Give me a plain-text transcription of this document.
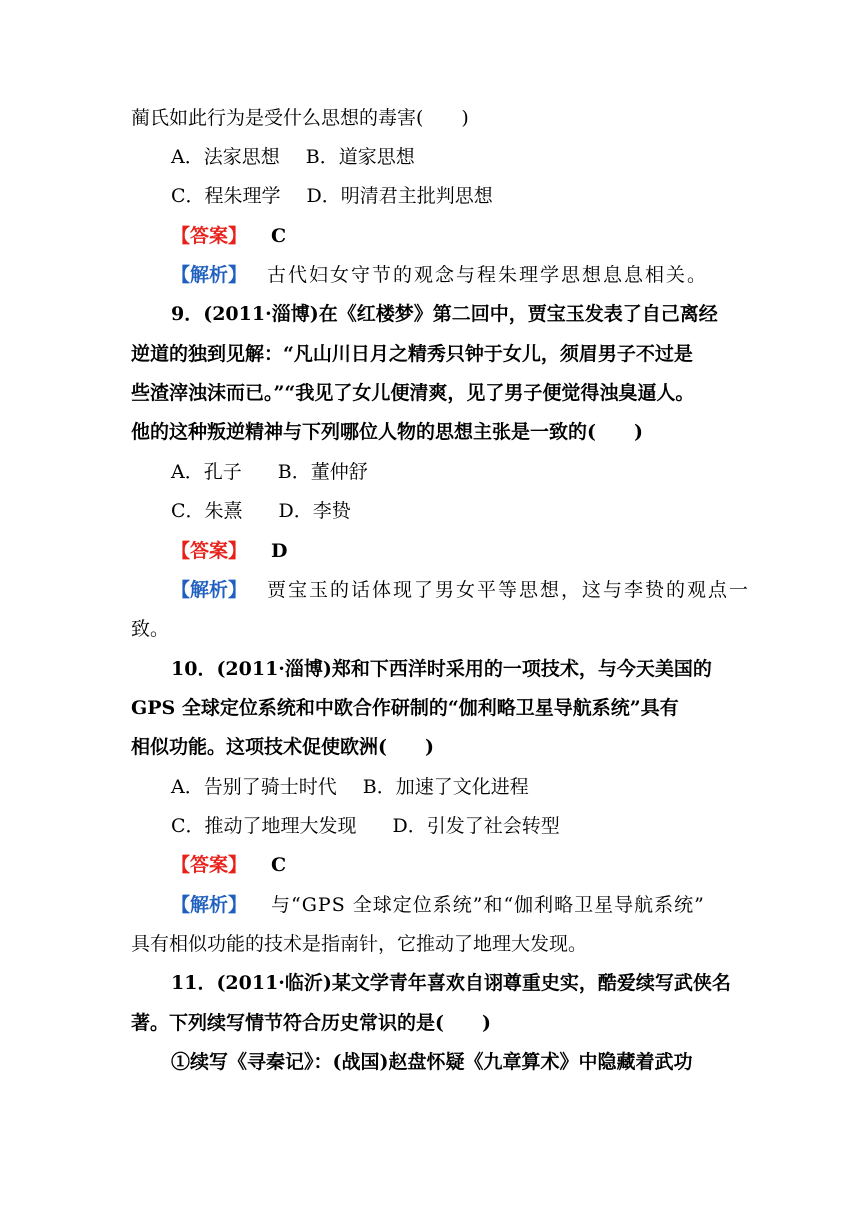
蔺氏如此行为是受什么思想的毒害(　　)
A．法家思想 B．道家思想
C．程朱理学 D．明清君主批判思想
【答案】 C
【解析】 古代妇女守节的观念与程朱理学思想息息相关。
9．(2011·淄博)在《红楼梦》第二回中，贾宝玉发表了自己离经
逆道的独到见解：“凡山川日月之精秀只钟于女儿，须眉男子不过是
些渣滓浊沫而已。”“我见了女儿便清爽，见了男子便觉得浊臭逼人。
他的这种叛逆精神与下列哪位人物的思想主张是一致的(　　)
A．孔子 B．董仲舒
C．朱熹 D．李贽
【答案】 D
【解析】 贾宝玉的话体现了男女平等思想，这与李贽的观点一
致。
10．(2011·淄博)郑和下西洋时采用的一项技术，与今天美国的
GPS 全球定位系统和中欧合作研制的“伽利略卫星导航系统”具有
相似功能。这项技术促使欧洲(　　)
A．告别了骑士时代 B．加速了文化进程
C．推动了地理大发现 D．引发了社会转型
【答案】 C
【解析】 与“GPS 全球定位系统”和“伽利略卫星导航系统”
具有相似功能的技术是指南针，它推动了地理大发现。
11．(2011·临沂)某文学青年喜欢自诩尊重史实，酷爱续写武侠名
著。下列续写情节符合历史常识的是(　　)
①续写《寻秦记》：(战国)赵盘怀疑《九章算术》中隐藏着武功
